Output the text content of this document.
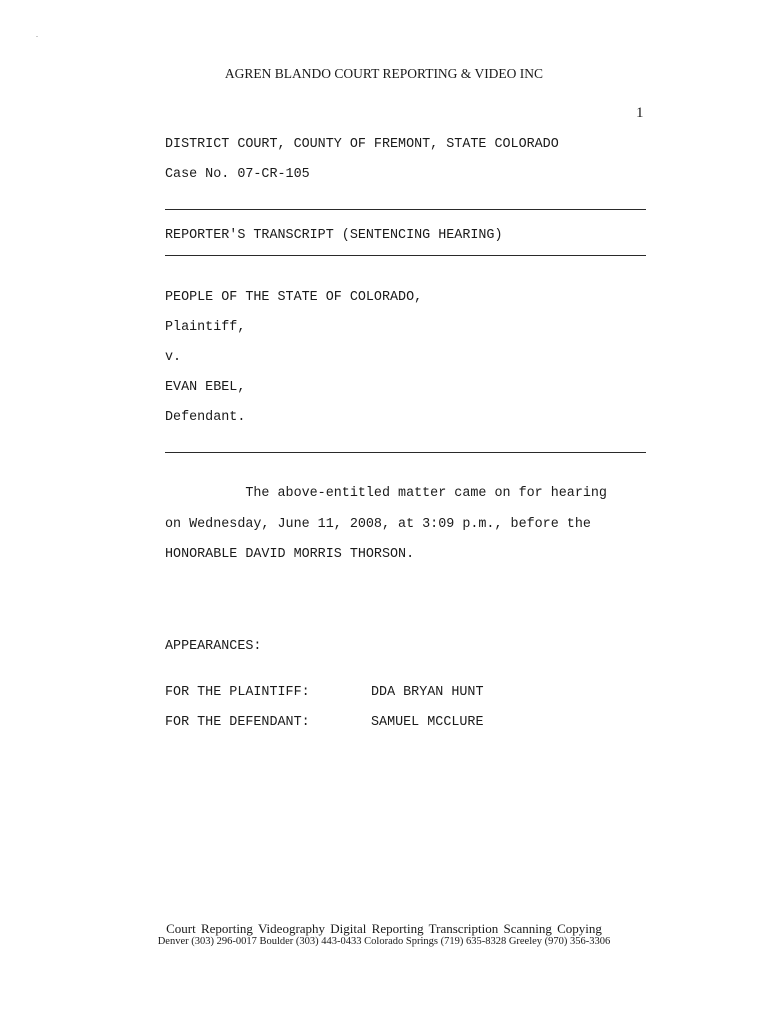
.
AGREN BLANDO COURT REPORTING & VIDEO INC
1
DISTRICT COURT, COUNTY OF FREMONT, STATE COLORADO
Case No. 07-CR-105
REPORTER'S TRANSCRIPT (SENTENCING HEARING)
PEOPLE OF THE STATE OF COLORADO,
Plaintiff,
v.
EVAN EBEL,
Defendant.
The above-entitled matter came on for hearing
on Wednesday, June 11, 2008, at 3:09 p.m., before the
HONORABLE DAVID MORRIS THORSON.
APPEARANCES:
FOR THE PLAINTIFF:	DDA BRYAN HUNT
FOR THE DEFENDANT:	SAMUEL MCCLURE
Court Reporting Videography Digital Reporting Transcription Scanning Copying
Denver (303) 296-0017 Boulder (303) 443-0433 Colorado Springs (719) 635-8328 Greeley (970) 356-3306
